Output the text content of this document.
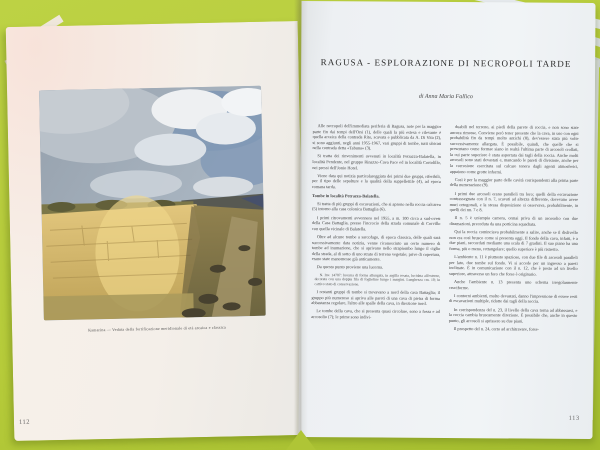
Kamarina — Veduta della fortificazione meridionale di età arcaica e classica
112
RAGUSA - ESPLORAZIONE DI NECROPOLI TARDE
di Anna Maria Fallico

Alle necropoli dell'immediata periferia di Ragusa, note per la maggior parte fin dai tempi dell'Orsi (1), delle quali la più estesa e rilevante è quella arcaica della contrada Rito, scavata e pubblicata da A. Di Vita (2), si sono aggiunti, negli anni 1955-1967, vari gruppi di tombe, tutti ubicati nella contrada detta «Tabuna» (3).

Si tratta dei rinvenimenti avvenuti in località Petrazza-Balatella, in località Pendente, nel gruppo Rinazzo-Cava Pace ed in località Cortolillo, nei pressi dell'Jonio Hotel.

Viene data qui notizia particolareggiata dei primi due gruppi, riferibili, per il tipo delle sepolture e la qualità della suppellettile (4), ad epoca romana tarda.

Tombe in località Petrazza-Balatella.

Si tratta di più gruppi di escavazioni, che si aprono nella roccia calcarea (5) intorno alla casa colonica Battaglia (6).

I primi ritrovamenti avvennero nel 1955, a m. 100 circa a sud-ovest della Casa Battaglia, presso l'incrocio della strada comunale di Corvillo con quella vicinale di Balatella.

Oltre ad alcune tombe a sarcofago, di epoca classica, delle quali sarà successivamente data notizia, venne riconosciuto un certo numero di tombe ad inumazione, che si aprivano nello strapiombo lungo il ciglio della strada, al di sotto di uno strato di terreno vegetale; prive di copertura, erano state manomesse già anticamente.

Da questo punto proviene una lucerna.

N. Inv. 14787: lucerna di forma allungata, in argilla rosata, lucidata all'esterno, decorata con una doppia fila di foglioline lungo i margini. Lunghezza cm. 10; in cattivo stato di conservazione.

I restanti gruppi di tombe si trovavano a nord della casa Battaglia; il gruppo più numeroso si apriva alle pareti di una cava di pietra di forma abbastanza regolare, l'altro alle spalle della cava, in direzione nord.

Le tombe della cava, che si presenta quasi circolare, sono a fossa e ad arcosolio (7); le prime sono indivi-

duabili nel terreno, ai piedi della parete di roccia, e non sono state ancora rimosse. Conviene però tener presente che la cava, in uso con ogni probabilità fin da tempi molto antichi (8), dev'essere stata più volte successivamente allargata. È possibile, quindi, che quelle che si presentano come formae siano in realtà l'ultima parte di arcosoli crollati, la cui parte superiore è stata asportata dai tagli della roccia. Anche molti arcosoli sono stati devastati e, mancando le pareti di divisione, anche per la corrosione esercitata sul calcare tenero dagli agenti atmosferici, appaiono come grotte informi.

Così è per la maggior parte delle cavità corrispondenti alla prima parte della numerazione (9).

I primi due arcosoli erano paralleli tra loro; quelli della escavazione contrassegnata con il n. 7, scavati ad altezza differente, dovevano avere muri ortogonali, e la stessa disposizione si osservava, probabilmente, in quelli dei nn. 7 e 8.

Il n. 5 è un'ampia camera, ormai priva di un arcosolio con due diramazioni, preceduta da una porticina squadrata.

Qui la roccia cominciava probabilmente a salire, anche se il dislivello non era così brusco come si presenta oggi. Il fondo della cava, infatti, è a due piani, raccordati mediante una scala di 7 gradini. Il suo piano ha una forma, più o meno, rettangolare; quello superiore è più ristretto.

L'ambiente n. 11 è piuttosto spazioso, con due file di arcosoli paralleli per lato, due tombe sul fondo. Vi si accede per un ingresso a pareti inclinate. È in comunicazione con il n. 12, che è posto ad un livello superiore, attraverso un foro che forse è originario.

Anche l'ambiente n. 13 presenta uno schema irregolarmente cruciforme.

I contorni ambienti, molto devastati, danno l'impressione di essere resti di escavazioni multiple, ridotte dai tagli della roccia.

In corrispondenza del n. 23, il livello della cava torna ad abbassarsi, e la roccia cambia bruscamente direzione. È possibile che, anche in questo punto, gli arcosoli si aprissero su due piani.

Il prospetto del n. 24, certo ad architravare, forse-

113
